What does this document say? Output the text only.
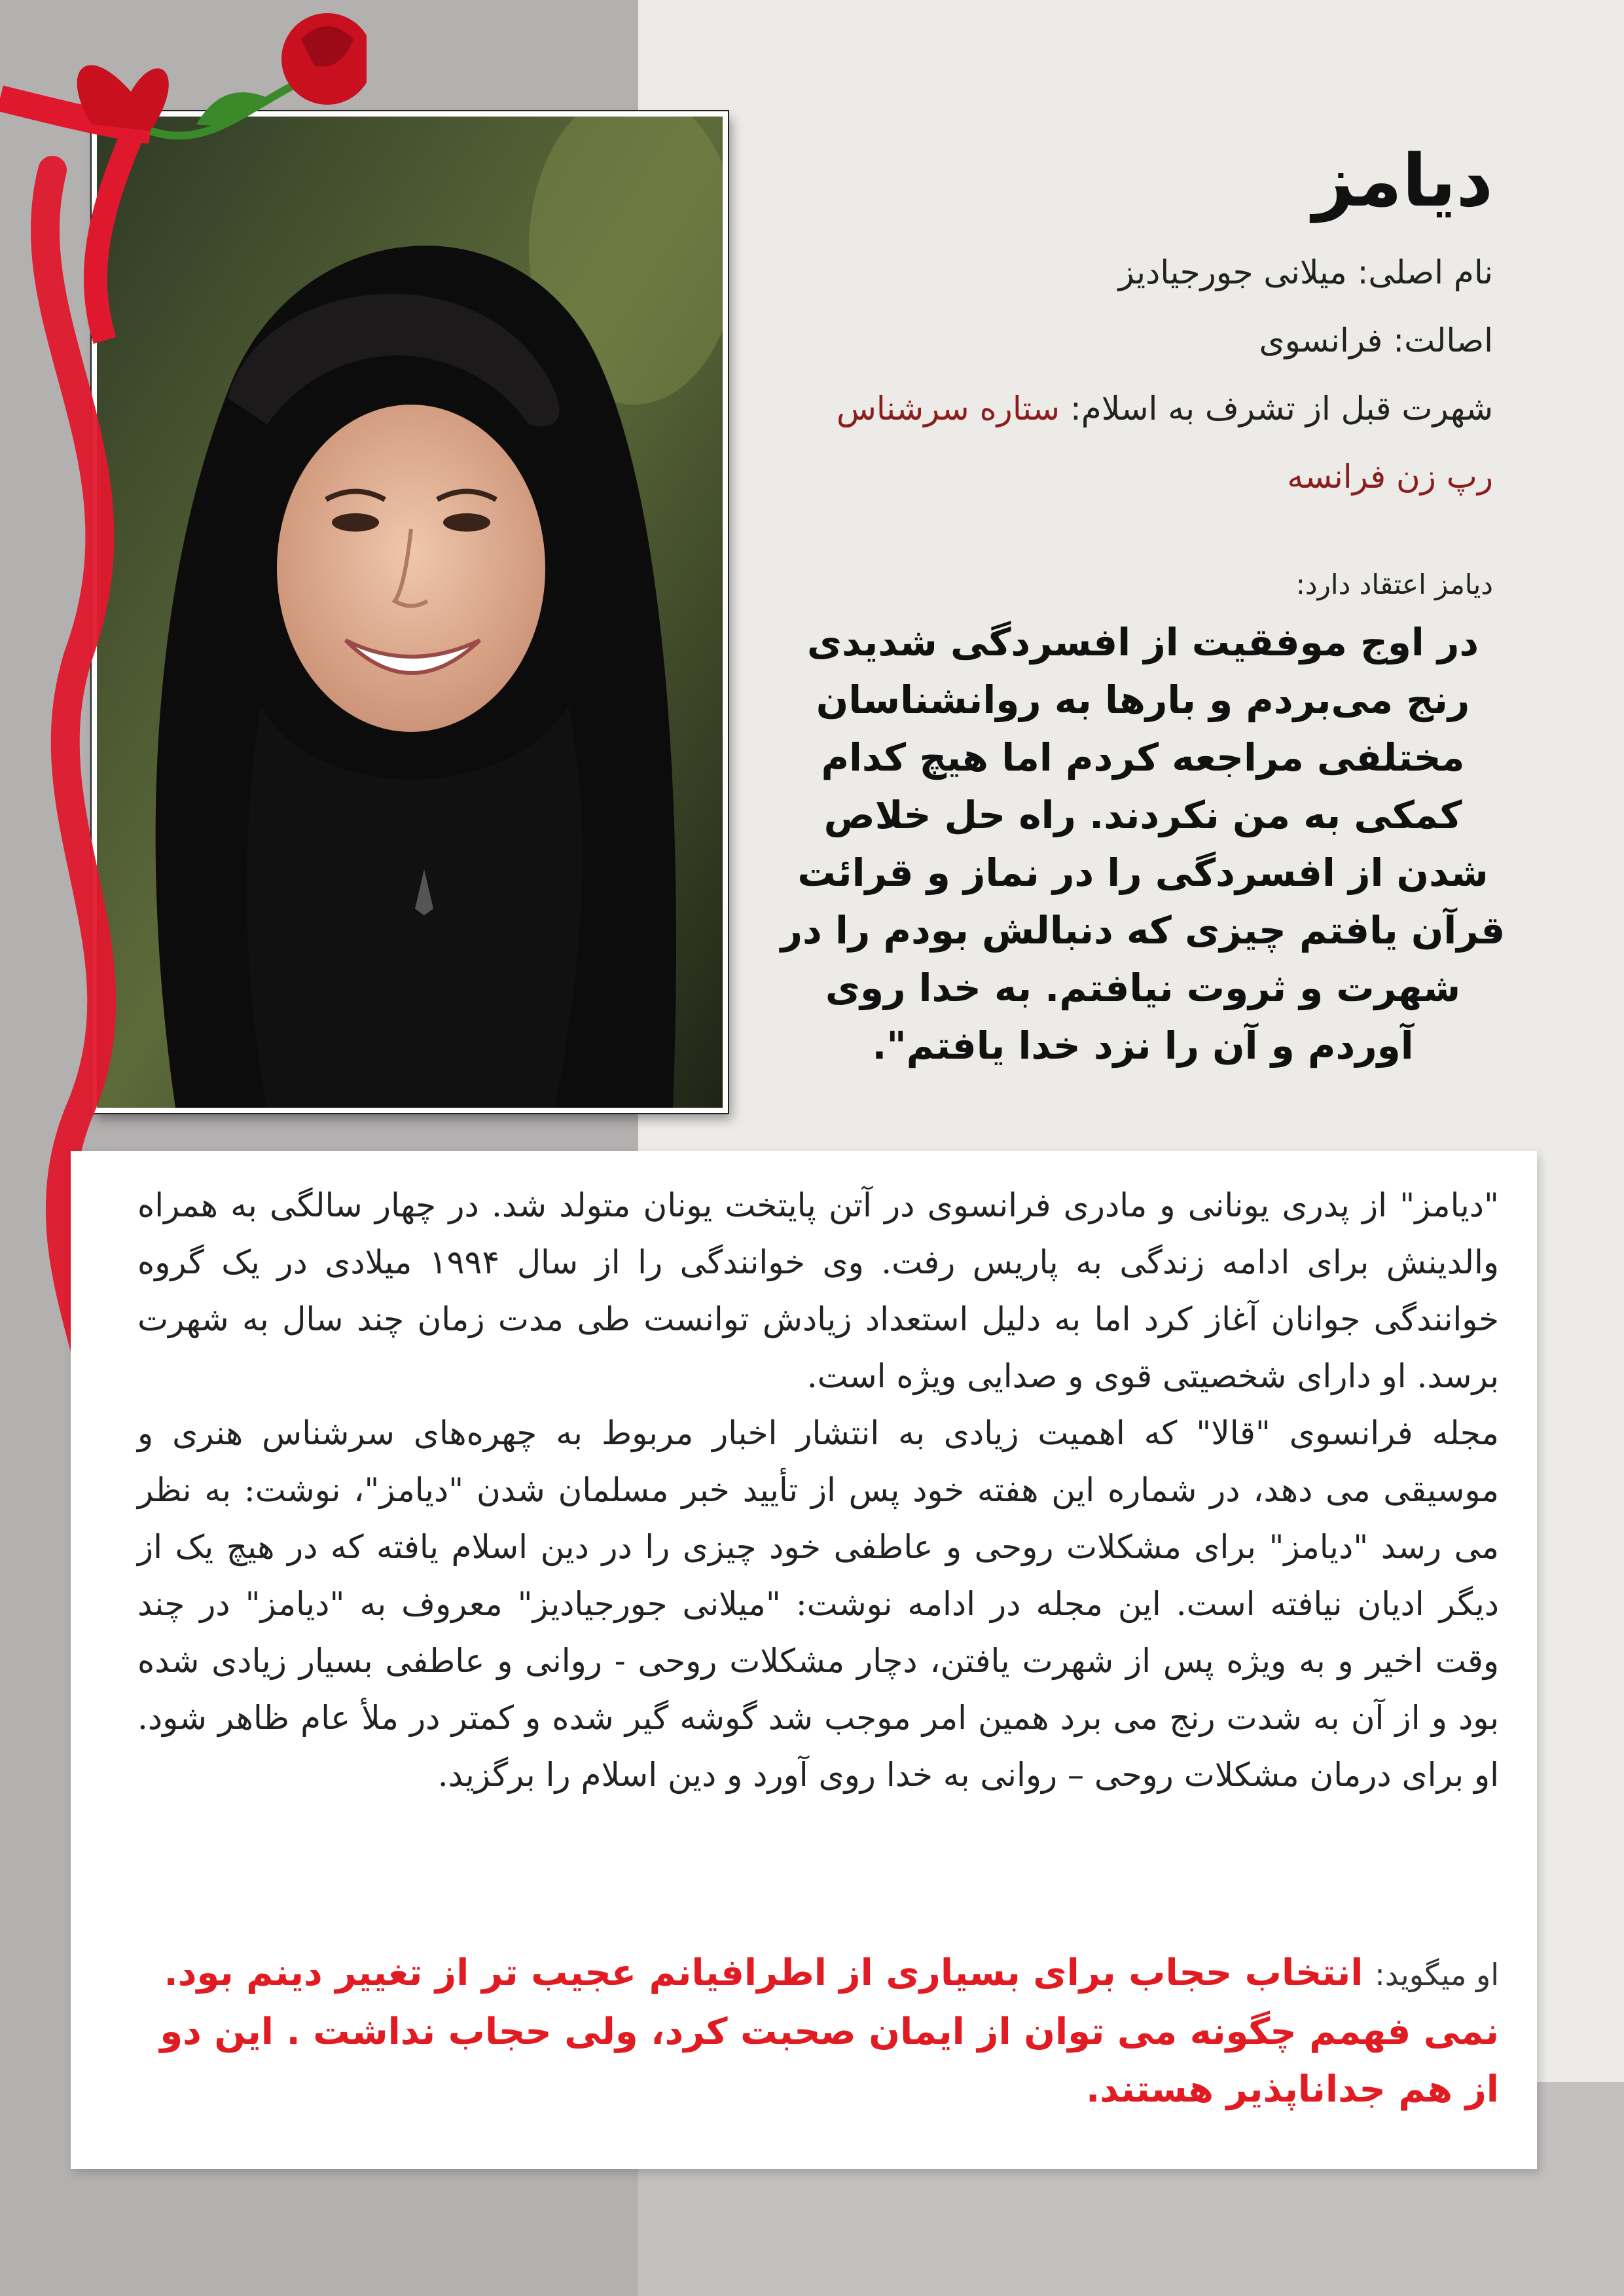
دیامز
نام اصلی: میلانی جورجیادیز
اصالت: فرانسوی
شهرت قبل از تشرف به اسلام: ستاره سرشناس
رپ زن فرانسه
دیامز اعتقاد دارد:
در اوج موفقیت از افسردگی شدیدی رنج می‌بردم و بارها به روانشناسان مختلفی مراجعه کردم اما هیچ کدام کمکی به من نکردند. راه حل خلاص شدن از افسردگی را در نماز و قرائت قرآن یافتم چیزی که دنبالش بودم را در شهرت و ثروت نیافتم. به خدا روی آوردم و آن را نزد خدا یافتم".
"دیامز" از پدری یونانی و مادری فرانسوی در آتن پایتخت یونان متولد شد. در چهار سالگی به همراه والدینش برای ادامه زندگی به پاریس رفت. وی خوانندگی را از سال ۱۹۹۴ میلادی در یک گروه خوانندگی جوانان آغاز کرد اما به دلیل استعداد زیادش توانست طی مدت زمان چند سال به شهرت برسد. او دارای شخصیتی قوی و صدایی ویژه است.
مجله فرانسوی "قالا" که اهمیت زیادی به انتشار اخبار مربوط به چهره‌های سرشناس هنری و موسیقی می دهد، در شماره این هفته خود پس از تأیید خبر مسلمان شدن "دیامز"، نوشت: به نظر می رسد "دیامز" برای مشکلات روحی و عاطفی خود چیزی را در دین اسلام یافته که در هیچ یک از دیگر ادیان نیافته است. این مجله در ادامه نوشت: "میلانی جورجیادیز" معروف به "دیامز" در چند وقت اخیر و به ویژه پس از شهرت یافتن، دچار مشکلات روحی - روانی و عاطفی بسیار زیادی شده بود و از آن به شدت رنج می برد همین امر موجب شد گوشه گیر شده و کمتر در ملأ عام ظاهر شود. او برای درمان مشکلات روحی – روانی به خدا روی آورد و دین اسلام را برگزید.
او میگوید: انتخاب حجاب برای بسیاری از اطرافیانم عجیب تر از تغییر دینم بود. نمی فهمم چگونه می توان از ایمان صحبت کرد، ولی حجاب نداشت . این دو از هم جداناپذیر هستند.
